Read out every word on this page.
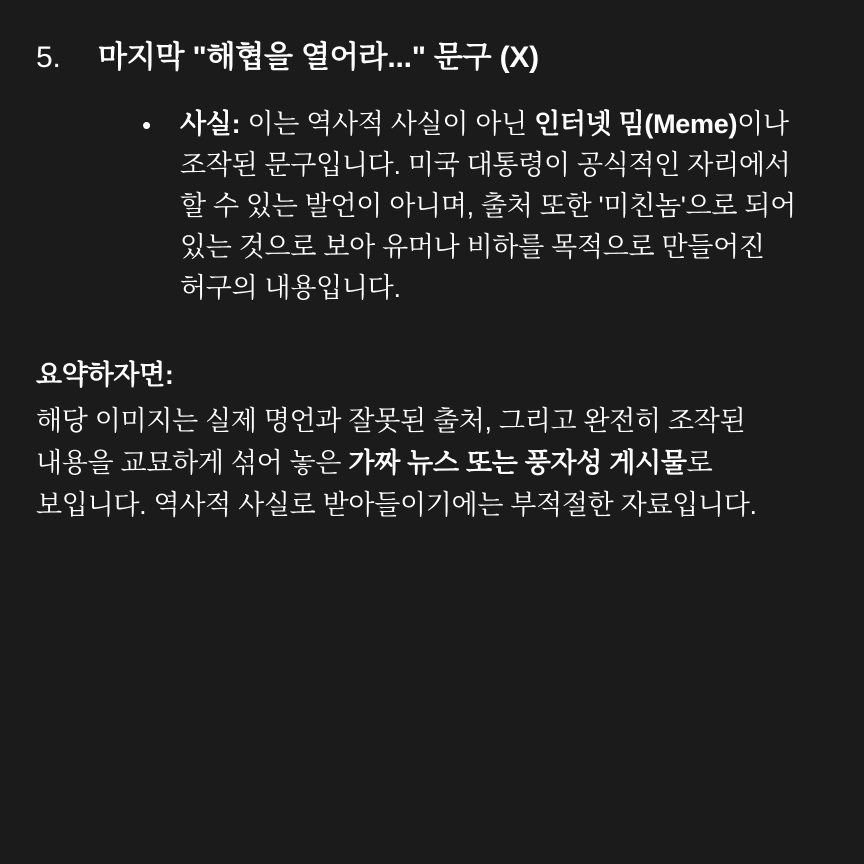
5.	마지막 "해협을 열어라..." 문구 (X)
•	사실: 이는 역사적 사실이 아닌 인터넷 밈(Meme)이나 조작된 문구입니다. 미국 대통령이 공식적인 자리에서 할 수 있는 발언이 아니며, 출처 또한 '미친놈'으로 되어 있는 것으로 보아 유머나 비하를 목적으로 만들어진 허구의 내용입니다.
요약하자면:
해당 이미지는 실제 명언과 잘못된 출처, 그리고 완전히 조작된 내용을 교묘하게 섞어 놓은 가짜 뉴스 또는 풍자성 게시물로 보입니다. 역사적 사실로 받아들이기에는 부적절한 자료입니다.
